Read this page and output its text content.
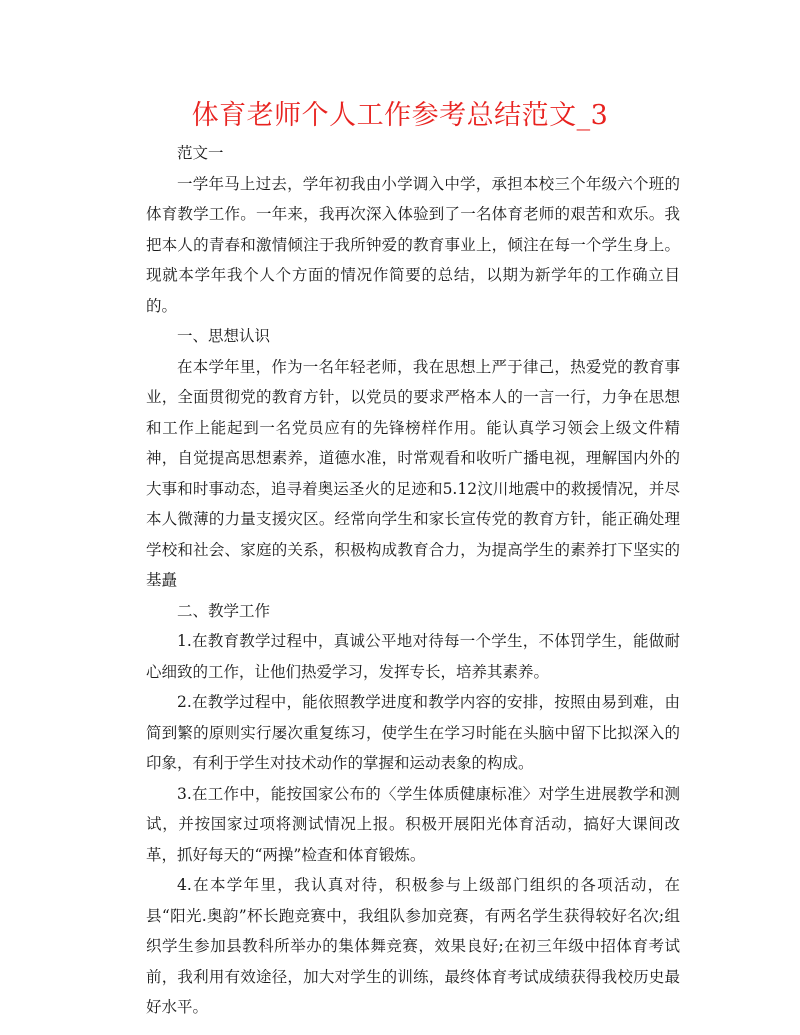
体育老师个人工作参考总结范文_3

范文一

一学年马上过去，学年初我由小学调入中学，承担本校三个年级六个班的体育教学工作。一年来，我再次深入体验到了一名体育老师的艰苦和欢乐。我把本人的青春和激情倾注于我所钟爱的教育事业上，倾注在每一个学生身上。现就本学年我个人个方面的情况作简要的总结，以期为新学年的工作确立目的。

一、思想认识

在本学年里，作为一名年轻老师，我在思想上严于律己，热爱党的教育事业，全面贯彻党的教育方针，以党员的要求严格本人的一言一行，力争在思想和工作上能起到一名党员应有的先锋榜样作用。能认真学习领会上级文件精神，自觉提高思想素养，道德水准，时常观看和收听广播电视，理解国内外的大事和时事动态，追寻着奥运圣火的足迹和5.12汶川地震中的救援情况，并尽本人微薄的力量支援灾区。经常向学生和家长宣传党的教育方针，能正确处理学校和社会、家庭的关系，积极构成教育合力，为提高学生的素养打下坚实的基矗

二、教学工作

1.在教育教学过程中，真诚公平地对待每一个学生，不体罚学生，能做耐心细致的工作，让他们热爱学习，发挥专长，培养其素养。

2.在教学过程中，能依照教学进度和教学内容的安排，按照由易到难，由简到繁的原则实行屡次重复练习，使学生在学习时能在头脑中留下比拟深入的印象，有利于学生对技术动作的掌握和运动表象的构成。

3.在工作中，能按国家公布的〈学生体质健康标准〉对学生进展教学和测试，并按国家过项将测试情况上报。积极开展阳光体育活动，搞好大课间改革，抓好每天的“两操”检查和体育锻炼。

4.在本学年里，我认真对待，积极参与上级部门组织的各项活动，在县“阳光.奥韵”杯长跑竞赛中，我组队参加竞赛，有两名学生获得较好名次;组织学生参加县教科所举办的集体舞竞赛，效果良好;在初三年级中招体育考试前，我利用有效途径，加大对学生的训练，最终体育考试成绩获得我校历史最好水平。
